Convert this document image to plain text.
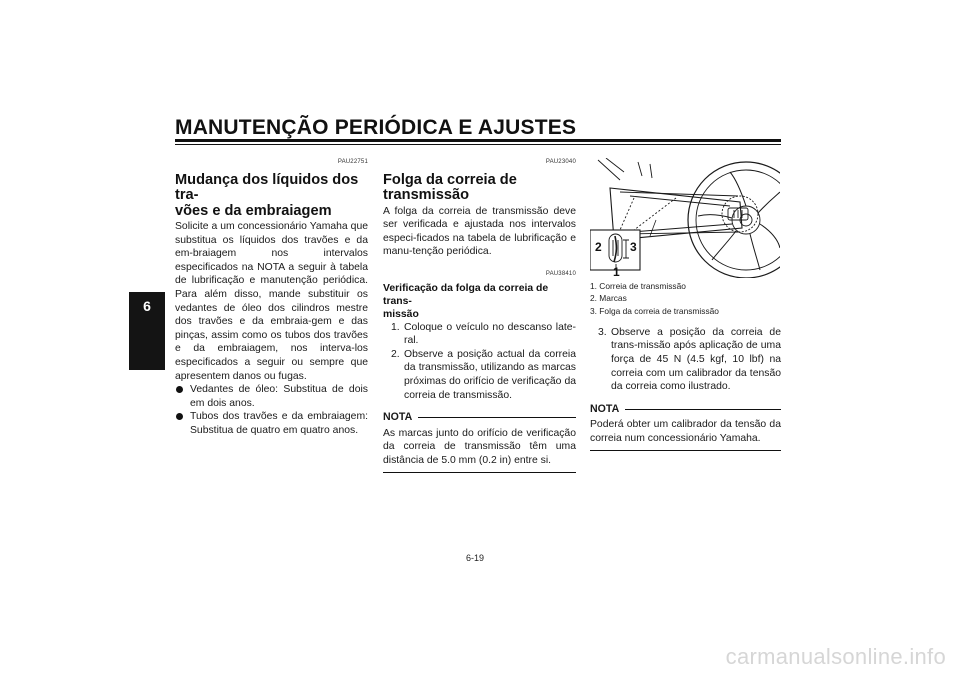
MANUTENÇÃO PERIÓDICA E AJUSTES
6
PAU22751
Mudança dos líquidos dos tra-
vões e da embraiagem

Solicite a um concessionário Yamaha que substitua os líquidos dos travões e da em-braiagem nos intervalos especificados na NOTA a seguir à tabela de lubrificação e manutenção periódica. Para além disso, mande substituir os vedantes de óleo dos cilindros mestre dos travões e da embraia-gem e das pinças, assim como os tubos dos travões e da embraiagem, nos interva-los especificados a seguir ou sempre que apresentem danos ou fugas.

Vedantes de óleo: Substitua de dois em dois anos.
Tubos dos travões e da embraiagem: Substitua de quatro em quatro anos.
PAU23040
Folga da correia de transmissão

A folga da correia de transmissão deve ser verificada e ajustada nos intervalos especi-ficados na tabela de lubrificação e manu-tenção periódica.

PAU38410
Verificação da folga da correia de trans-
missão
1. Coloque o veículo no descanso late-ral.
2. Observe a posição actual da correia da transmissão, utilizando as marcas próximas do orifício de verificação da correia de transmissão.
NOTA

As marcas junto do orifício de verificação da correia de transmissão têm uma distância de 5.0 mm (0.2 in) entre si.

2 3
1
1. Correia de transmissão
2. Marcas
3. Folga da correia de transmissão
3. Observe a posição da correia de trans-missão após aplicação de uma força de 45 N (4.5 kgf, 10 lbf) na correia com um calibrador da tensão da correia como ilustrado.
NOTA

Poderá obter um calibrador da tensão da correia num concessionário Yamaha.

6-19
carmanualsonline.info
